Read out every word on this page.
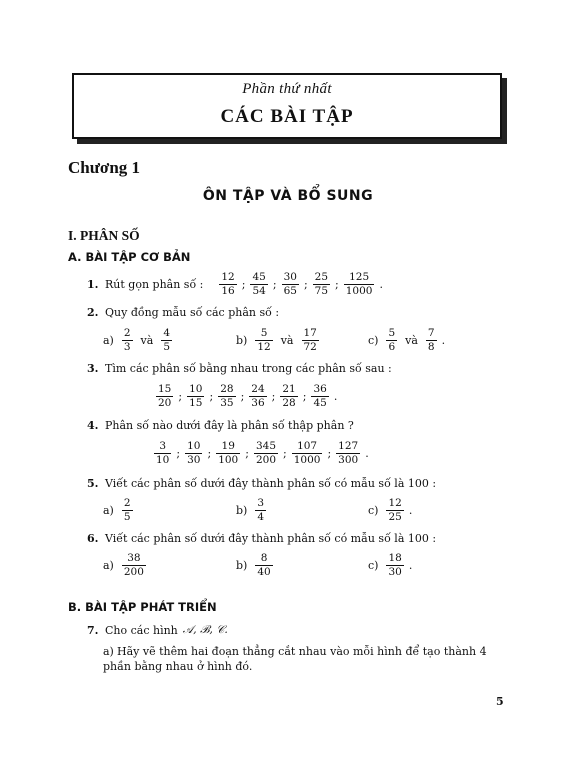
Phần thứ nhất
CÁC BÀI TẬP
Chương 1
ÔN TẬP VÀ BỔ SUNG
I. PHÂN SỐ
A. BÀI TẬP CƠ BẢN
1. Rút gọn phân số : $\frac{12}{16}$ ; $\frac{45}{54}$ ; $\frac{30}{65}$ ; $\frac{25}{75}$ ; $\frac{125}{1000}$ .
2. Quy đồng mẫu số các phân số :
$a) \frac{2}{3}$ và $\frac{4}{5}$	$b) \frac{5}{12}$ và $\frac{17}{72}$	$c) \frac{5}{6}$ và $\frac{7}{8}$ .
3. Tìm các phân số bằng nhau trong các phân số sau :
$\frac{15}{20}$ ; $\frac{10}{15}$ ; $\frac{28}{35}$ ; $\frac{24}{36}$ ; $\frac{21}{28}$ ; $\frac{36}{45}$ .
4. Phân số nào dưới đây là phân số thập phân ?
$\frac{3}{10}$ ; $\frac{10}{30}$ ; $\frac{19}{100}$ ; $\frac{345}{200}$ ; $\frac{107}{1000}$ ; $\frac{127}{300}$ .
5. Viết các phân số dưới đây thành phân số có mẫu số là 100 :
$a) \frac{2}{5}$	$b) \frac{3}{4}$	$c) \frac{12}{25}$ .
6. Viết các phân số dưới đây thành phân số có mẫu số là 100 :
$a) \frac{38}{200}$	$b) \frac{8}{40}$	$c) \frac{18}{30}$ .
B. BÀI TẬP PHÁT TRIỂN
7. Cho các hình 𝒜, ℬ, 𝒞.
a) Hãy vẽ thêm hai đoạn thẳng cắt nhau vào mỗi hình để tạo thành 4 phần bằng nhau ở hình đó.
5
